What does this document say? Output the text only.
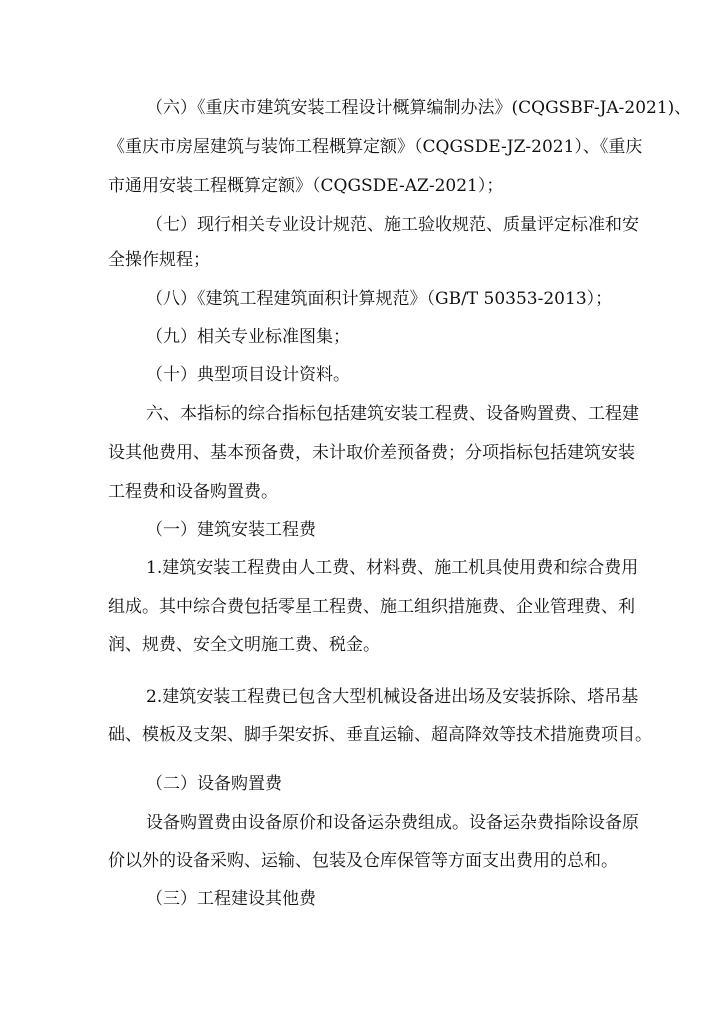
（六）《重庆市建筑安装工程设计概算编制办法》(CQGSBF-JA-2021)、
《重庆市房屋建筑与装饰工程概算定额》（CQGSDE-JZ-2021）、《重庆
市通用安装工程概算定额》（CQGSDE-AZ-2021）；
（七）现行相关专业设计规范、施工验收规范、质量评定标准和安
全操作规程；
（八）《建筑工程建筑面积计算规范》（GB/T 50353-2013）；
（九）相关专业标准图集；
（十）典型项目设计资料。
六、本指标的综合指标包括建筑安装工程费、设备购置费、工程建
设其他费用、基本预备费，未计取价差预备费；分项指标包括建筑安装
工程费和设备购置费。
（一）建筑安装工程费
1.建筑安装工程费由人工费、材料费、施工机具使用费和综合费用
组成。其中综合费包括零星工程费、施工组织措施费、企业管理费、利
润、规费、安全文明施工费、税金。
2.建筑安装工程费已包含大型机械设备进出场及安装拆除、塔吊基
础、模板及支架、脚手架安拆、垂直运输、超高降效等技术措施费项目。
（二）设备购置费
设备购置费由设备原价和设备运杂费组成。设备运杂费指除设备原
价以外的设备采购、运输、包装及仓库保管等方面支出费用的总和。
（三）工程建设其他费
